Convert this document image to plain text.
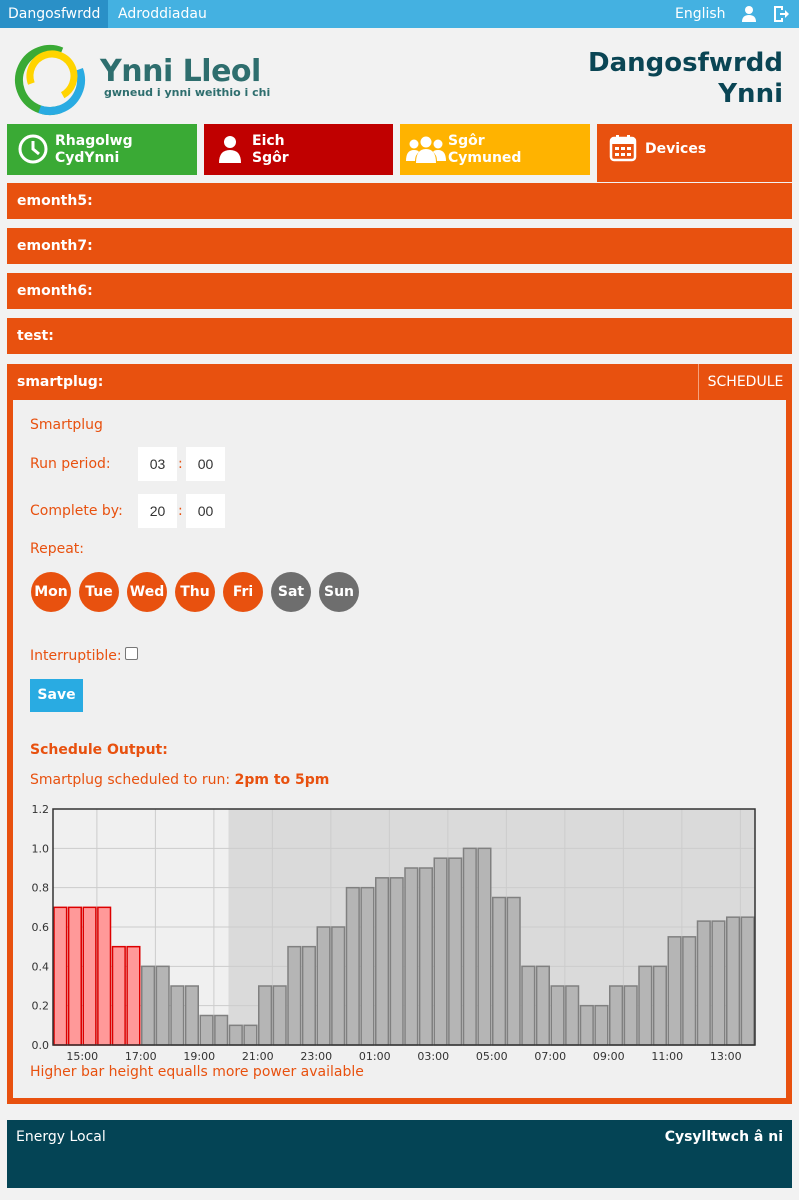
Dangosfwrdd	Adroddiadau	English
Ynni Lleol
gwneud i ynni weithio i chi
Dangosfwrdd
Ynni
Rhagolwg
CydYnni
Eich
Sgôr
Sgôr
Cymuned
Devices
emonth5:
emonth7:
emonth6:
test:
smartplug:	SCHEDULE
Smartplug
Run period:
03	:
00
Complete by:
20	:
00
Repeat:
Mon	Tue	Wed	Thu	Fri	Sat	Sun
Interruptible:
Save
Schedule Output:
Smartplug scheduled to run: 2pm to 5pm
0.0
0.2
0.4
0.6
0.8
1.0
1.2
15:00 17:00 19:00 21:00 23:00 01:00 03:00 05:00 07:00 09:00 11:00 13:00
Higher bar height equalls more power available
Energy Local	Cysylltwch â ni
